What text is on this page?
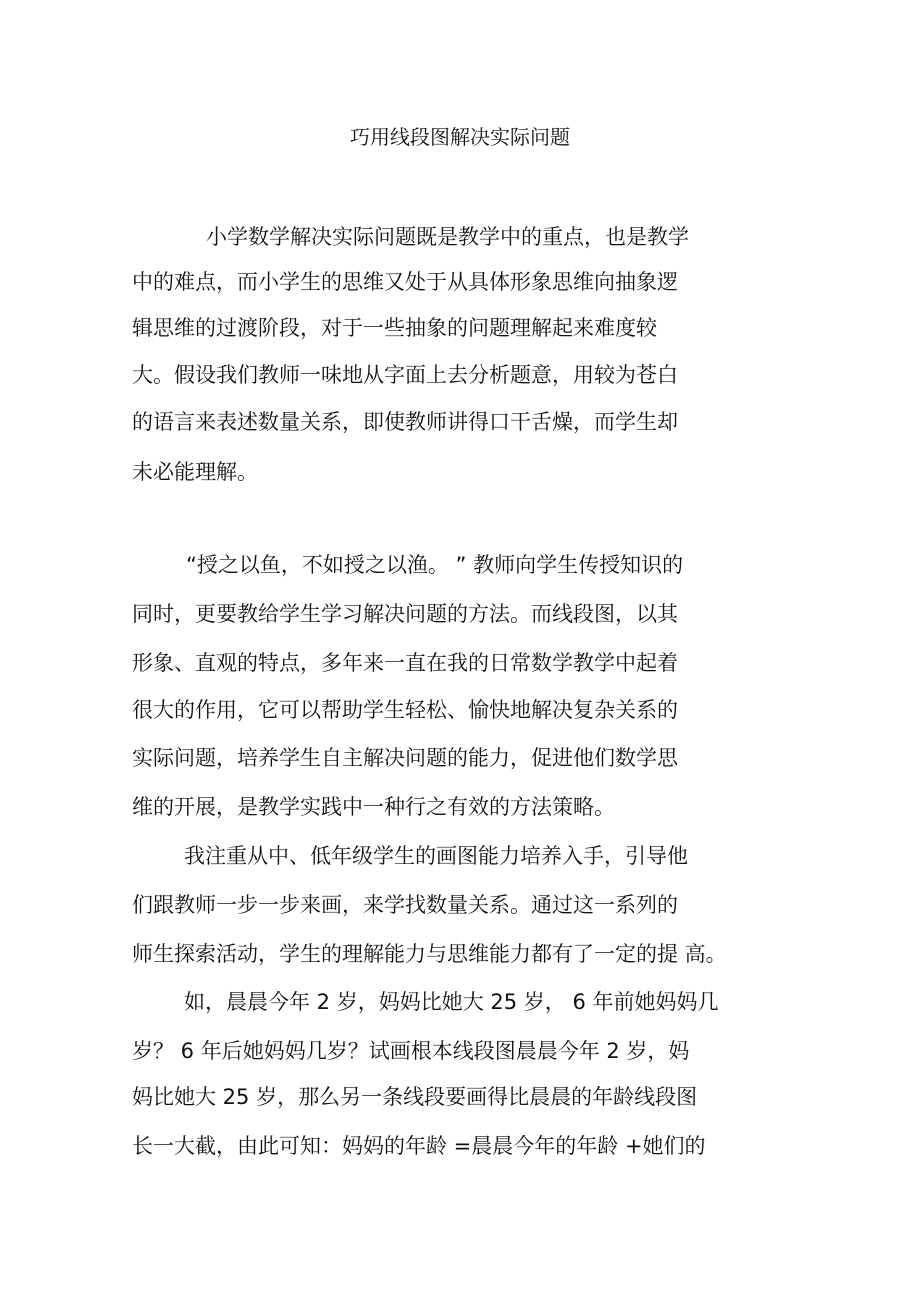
巧用线段图解决实际问题
小学数学解决实际问题既是教学中的重点，也是教学
中的难点，而小学生的思维又处于从具体形象思维向抽象逻
辑思维的过渡阶段，对于一些抽象的问题理解起来难度较
大。假设我们教师一味地从字面上去分析题意，用较为苍白
的语言来表述数量关系，即使教师讲得口干舌燥，而学生却
未必能理解。
“授之以鱼，不如授之以渔。 ” 教师向学生传授知识的
同时，更要教给学生学习解决问题的方法。而线段图，以其
形象、直观的特点，多年来一直在我的日常数学教学中起着
很大的作用，它可以帮助学生轻松、愉快地解决复杂关系的
实际问题，培养学生自主解决问题的能力，促进他们数学思
维的开展，是教学实践中一种行之有效的方法策略。
我注重从中、低年级学生的画图能力培养入手，引导他
们跟教师一步一步来画，来学找数量关系。通过这一系列的
师生探索活动，学生的理解能力与思维能力都有了一定的提 高。
如，晨晨今年 2 岁，妈妈比她大 25 岁， 6 年前她妈妈几
岁？ 6 年后她妈妈几岁？试画根本线段图晨晨今年 2 岁，妈
妈比她大 25 岁，那么另一条线段要画得比晨晨的年龄线段图
长一大截，由此可知：妈妈的年龄 =晨晨今年的年龄 +她们的
